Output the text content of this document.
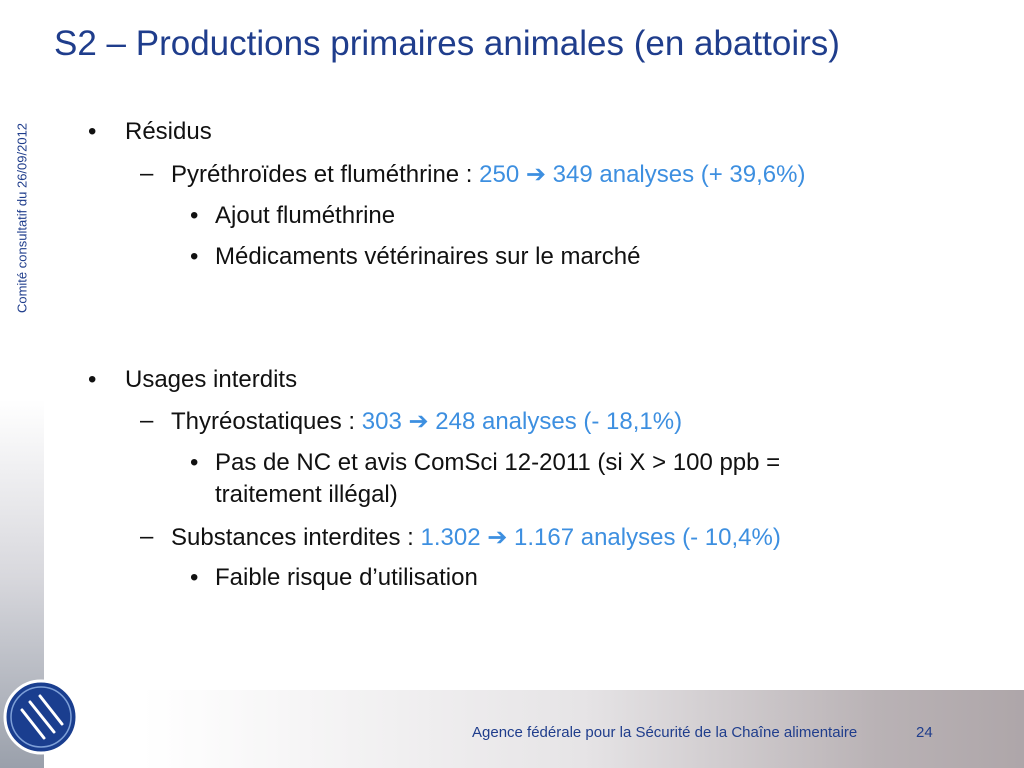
Comité consultatif du 26/09/2012
S2 – Productions primaires animales (en abattoirs)
• Résidus
– Pyréthroïdes et fluméthrine : 250 ➔ 349 analyses (+ 39,6%)
• Ajout fluméthrine
• Médicaments vétérinaires sur le marché
• Usages interdits
– Thyréostatiques : 303 ➔ 248 analyses (- 18,1%)
• Pas de NC et avis ComSci 12-2011 (si X > 100 ppb =
traitement illégal)
– Substances interdites : 1.302 ➔ 1.167 analyses (- 10,4%)
• Faible risque d’utilisation
Agence fédérale pour la Sécurité de la Chaîne alimentaire	24
